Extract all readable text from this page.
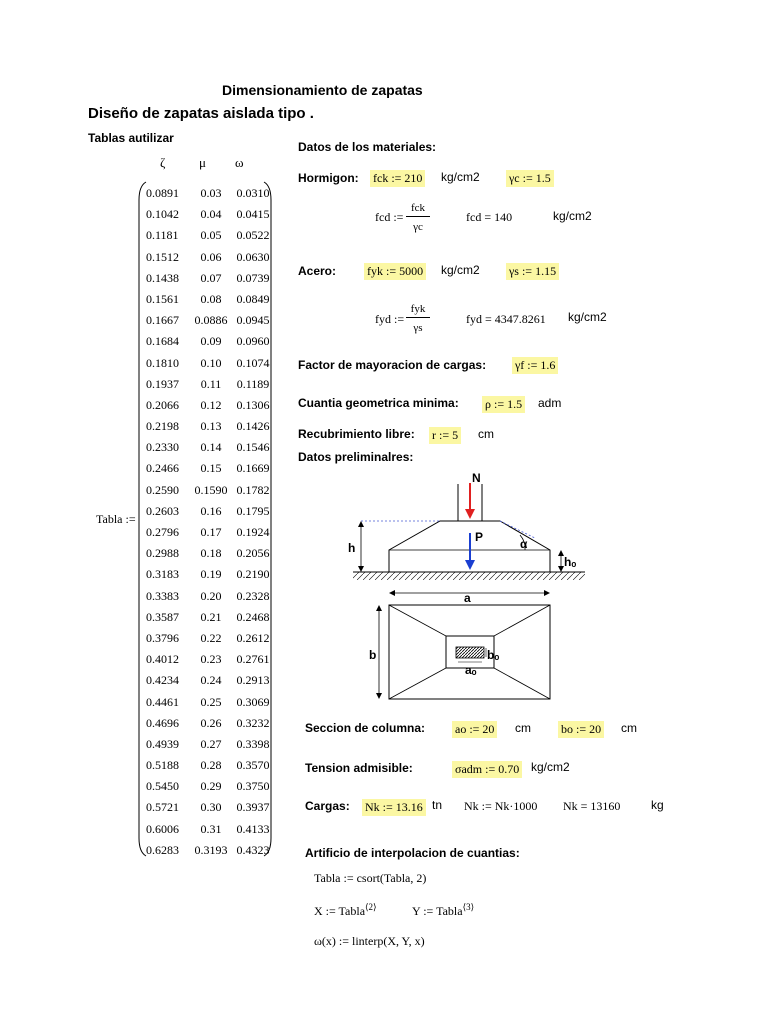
Dimensionamiento de zapatas
Diseño de zapatas aislada tipo .
Tablas autilizar
ζ	μ ω
Tabla :=
0.0891	0.03	0.0310
0.1042	0.04	0.0415
0.1181	0.05	0.0522
0.1512	0.06	0.0630
0.1438	0.07	0.0739
0.1561	0.08	0.0849
0.1667	0.0886 0.0945
0.1684	0.09	0.0960
0.1810	0.10	0.1074
0.1937	0.11	0.1189
0.2066	0.12	0.1306
0.2198	0.13	0.1426
0.2330	0.14	0.1546
0.2466	0.15	0.1669
0.2590	0.1590 0.1782
0.2603	0.16	0.1795
0.2796	0.17	0.1924
0.2988	0.18	0.2056
0.3183	0.19	0.2190
0.3383	0.20	0.2328
0.3587	0.21	0.2468
0.3796	0.22	0.2612
0.4012	0.23	0.2761
0.4234	0.24	0.2913
0.4461	0.25	0.3069
0.4696	0.26	0.3232
0.4939	0.27	0.3398
0.5188	0.28	0.3570
0.5450	0.29	0.3750
0.5721	0.30	0.3937
0.6006	0.31	0.4133
0.6283	0.3193 0.4323
Datos de los materiales:
Hormigon: fck := 210 kg/cm2 γc := 1.5
fcd :=
fck
γc
fcd = 140	kg/cm2
Acero:	fyk := 5000 kg/cm2 γs := 1.15
fyd :=
fyk
γs
fyd = 4347.8261 kg/cm2
Factor de mayoracion de cargas: γf := 1.6
Cuantia geometrica minima: ρ := 1.5 adm
Recubrimiento libre: r := 5 cm
Datos preliminalres:
N
P	α
h
hₒ
a
b	bₒ
aₒ
Seccion de columna: ao := 20 cm	bo := 20 cm
Tension admisible:	σadm := 0.70 kg/cm2
Cargas: Nk := 13.16 tn Nk := Nk·1000 Nk = 13160	kg
Artificio de interpolacion de cuantias:
Tabla := csort(Tabla, 2)
X := Tabla$^{⟨2⟩}$	Y := Tabla$^{⟨3⟩}$
ω(x) := linterp(X, Y, x)
